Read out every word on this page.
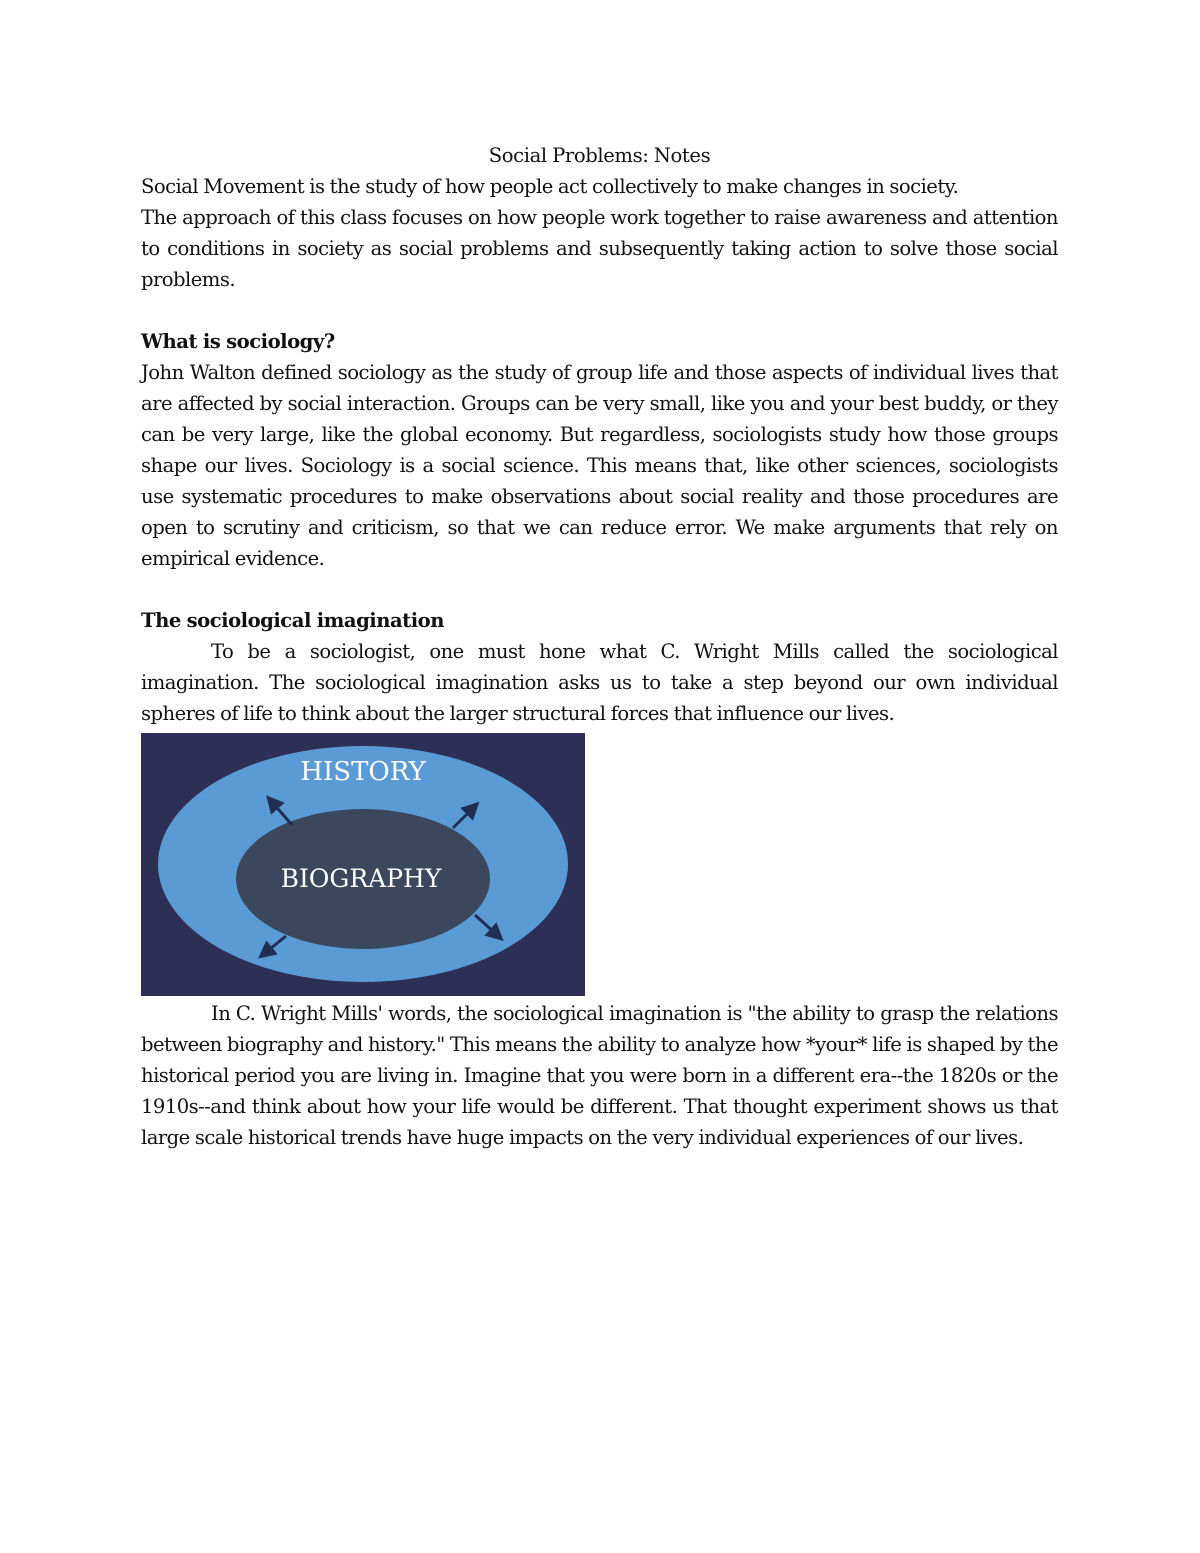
Social Problems: Notes

Social Movement is the study of how people act collectively to make changes in society.

The approach of this class focuses on how people work together to raise awareness and attention to conditions in society as social problems and subsequently taking action to solve those social problems.

What is sociology?

John Walton defined sociology as the study of group life and those aspects of individual lives that are affected by social interaction. Groups can be very small, like you and your best buddy, or they can be very large, like the global economy. But regardless, sociologists study how those groups shape our lives. Sociology is a social science. This means that, like other sciences, sociologists use systematic procedures to make observations about social reality and those procedures are open to scrutiny and criticism, so that we can reduce error. We make arguments that rely on empirical evidence.

The sociological imagination

To be a sociologist, one must hone what C. Wright Mills called the sociological imagination. The sociological imagination asks us to take a step beyond our own individual spheres of life to think about the larger structural forces that influence our lives.

HISTORY
BIOGRAPHY

In C. Wright Mills' words, the sociological imagination is "the ability to grasp the relations between biography and history." This means the ability to analyze how *your* life is shaped by the historical period you are living in. Imagine that you were born in a different era--the 1820s or the 1910s--and think about how your life would be different. That thought experiment shows us that large scale historical trends have huge impacts on the very individual experiences of our lives.
